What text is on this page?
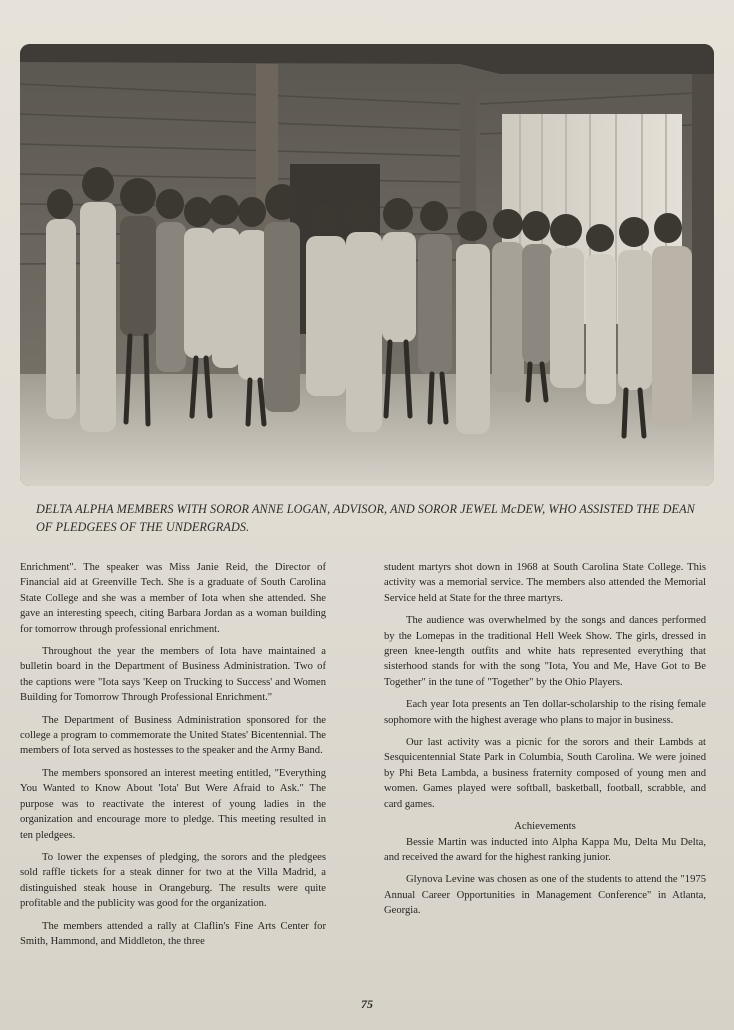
DELTA ALPHA MEMBERS WITH SOROR ANNE LOGAN, ADVISOR, AND SOROR JEWEL McDEW, WHO ASSISTED THE DEAN OF PLEDGEES OF THE UNDERGRADS.

Enrichment". The speaker was Miss Janie Reid, the Director of Financial aid at Greenville Tech. She is a graduate of South Carolina State College and she was a member of Iota when she attended. She gave an interesting speech, citing Barbara Jordan as a woman building for tomorrow through professional enrichment.

Throughout the year the members of Iota have maintained a bulletin board in the Department of Business Administration. Two of the captions were "Iota says 'Keep on Trucking to Success' and Women Building for Tomorrow Through Professional Enrichment."

The Department of Business Administration sponsored for the college a program to commemorate the United States' Bicentennial. The members of Iota served as hostesses to the speaker and the Army Band.

The members sponsored an interest meeting entitled, "Everything You Wanted to Know About 'Iota' But Were Afraid to Ask." The purpose was to reactivate the interest of young ladies in the organization and encourage more to pledge. This meeting resulted in ten pledgees.

To lower the expenses of pledging, the sorors and the pledgees sold raffle tickets for a steak dinner for two at the Villa Madrid, a distinguished steak house in Orangeburg. The results were quite profitable and the publicity was good for the organization.

The members attended a rally at Claflin's Fine Arts Center for Smith, Hammond, and Middleton, the three

student martyrs shot down in 1968 at South Carolina State College. This activity was a memorial service. The members also attended the Memorial Service held at State for the three martyrs.

The audience was overwhelmed by the songs and dances performed by the Lomepas in the traditional Hell Week Show. The girls, dressed in green knee-length outfits and white hats represented everything that sisterhood stands for with the song "Iota, You and Me, Have Got to Be Together" in the tune of "Together" by the Ohio Players.

Each year Iota presents an Ten dollar-scholarship to the rising female sophomore with the highest average who plans to major in business.

Our last activity was a picnic for the sorors and their Lambds at Sesquicentennial State Park in Columbia, South Carolina. We were joined by Phi Beta Lambda, a business fraternity composed of young men and women. Games played were softball, basketball, football, scrabble, and card games.

Achievements

Bessie Martin was inducted into Alpha Kappa Mu, Delta Mu Delta, and received the award for the highest ranking junior.

Glynova Levine was chosen as one of the students to attend the "1975 Annual Career Opportunities in Management Conference" in Atlanta, Georgia.

75
